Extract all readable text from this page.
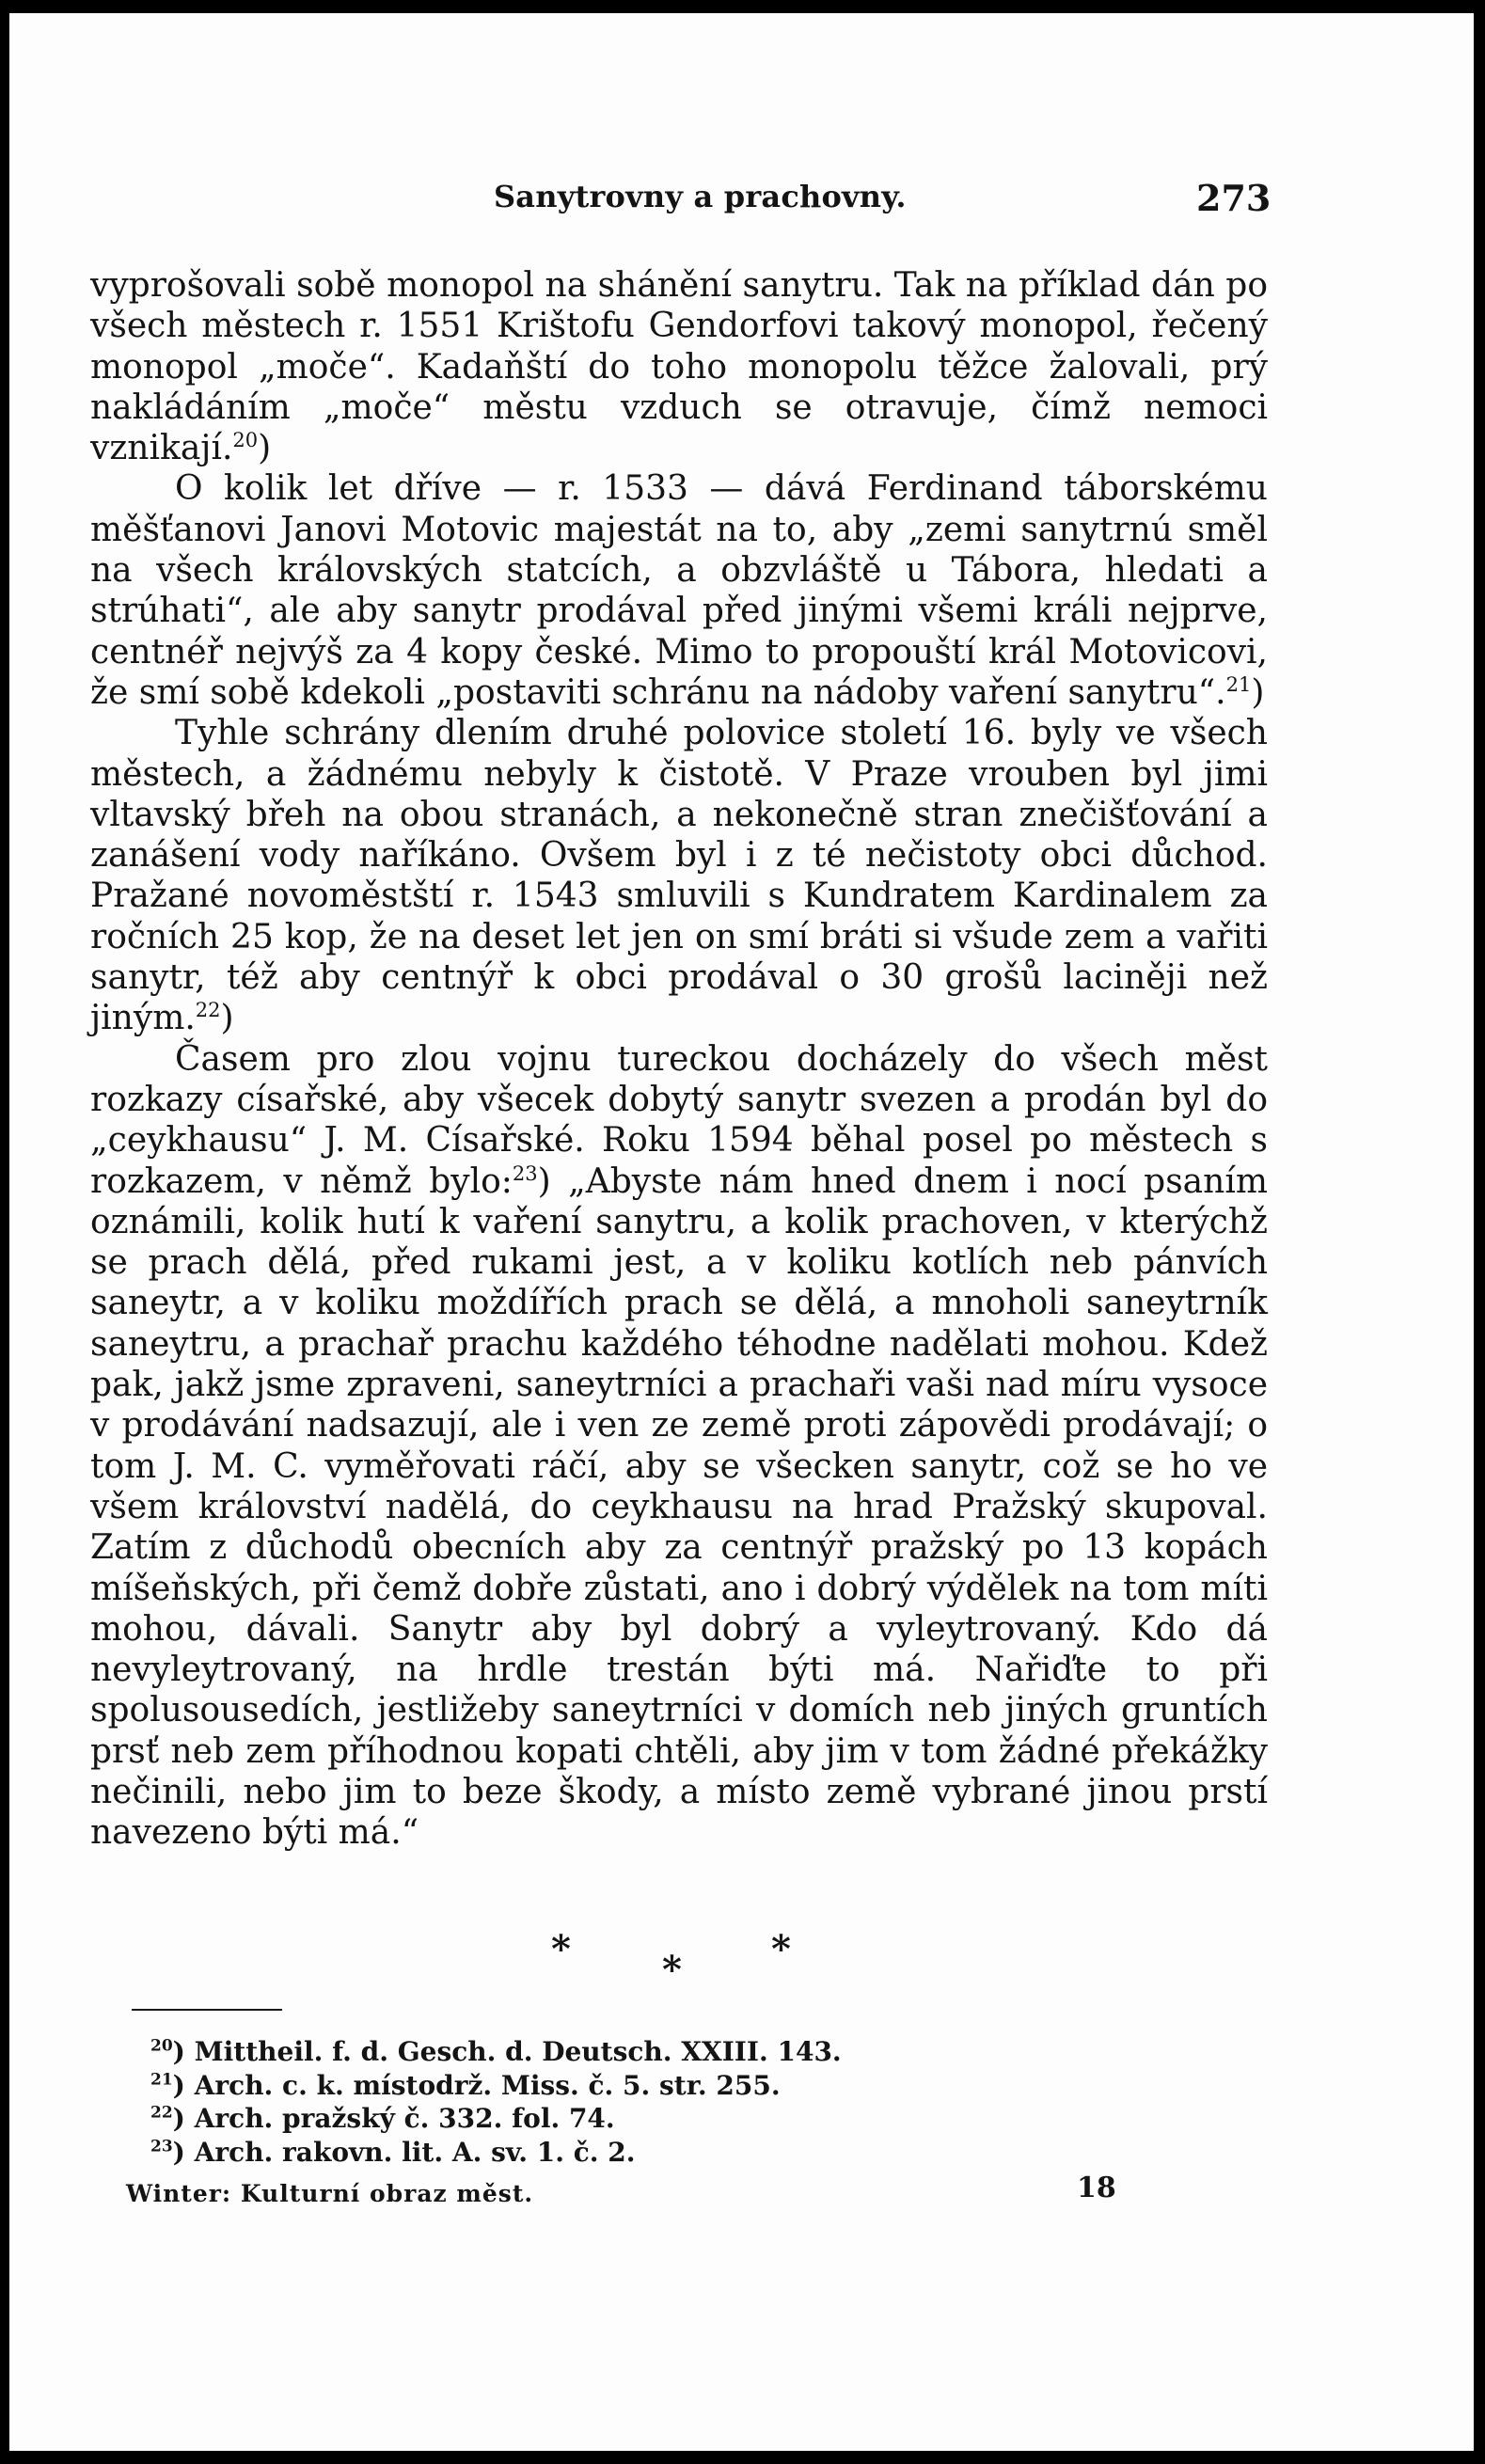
Sanytrovny a prachovny.	273

vyprošovali sobě monopol na shánění sanytru. Tak na příklad dán po všech městech r. 1551 Krištofu Gendorfovi takový monopol, řečený monopol „moče“. Kadaňští do toho monopolu těžce žalovali, prý nakládáním „moče“ městu vzduch se otravuje, čímž nemoci vznikají.$^{20}$)

O kolik let dříve — r. 1533 — dává Ferdinand táborskému měšťanovi Janovi Motovic majestát na to, aby „zemi sanytrnú směl na všech královských statcích, a obzvláště u Tábora, hledati a strúhati“, ale aby sanytr prodával před jinými všemi králi nejprve, centnéř nejvýš za 4 kopy české. Mimo to propouští král Motovicovi, že smí sobě kdekoli „postaviti schránu na nádoby vaření sanytru“.$^{21}$)

Tyhle schrány dlením druhé polovice století 16. byly ve všech městech, a žádnému nebyly k čistotě. V Praze vrouben byl jimi vltavský břeh na obou stranách, a nekonečně stran znečišťování a zanášení vody naříkáno. Ovšem byl i z té nečistoty obci důchod. Pražané novoměstští r. 1543 smluvili s Kundratem Kardinalem za ročních 25 kop, že na deset let jen on smí bráti si všude zem a vařiti sanytr, též aby centnýř k obci prodával o 30 grošů laciněji než jiným.$^{22}$)

Časem pro zlou vojnu tureckou docházely do všech měst rozkazy císařské, aby všecek dobytý sanytr svezen a prodán byl do „ceykhausu“ J. M. Císařské. Roku 1594 běhal posel po městech s rozkazem, v němž bylo:$^{23}$) „Abyste nám hned dnem i nocí psaním oznámili, kolik hutí k vaření sanytru, a kolik prachoven, v kterýchž se prach dělá, před rukami jest, a v koliku kotlích neb pánvích saneytr, a v koliku moždířích prach se dělá, a mnoholi saneytrník saneytru, a prachař prachu každého téhodne nadělati mohou. Kdež pak, jakž jsme zpraveni, saneytrníci a prachaři vaši nad míru vysoce v prodávání nadsazují, ale i ven ze země proti zápovědi prodávají; o tom J. M. C. vyměřovati ráčí, aby se všecken sanytr, což se ho ve všem království nadělá, do ceykhausu na hrad Pražský skupoval. Zatím z důchodů obecních aby za centnýř pražský po 13 kopách míšeňských, při čemž dobře zůstati, ano i dobrý výdělek na tom míti mohou, dávali. Sanytr aby byl dobrý a vyleytrovaný. Kdo dá nevyleytrovaný, na hrdle trestán býti má. Nařiďte to při spolusousedích, jestližeby saneytrníci v domích neb jiných gruntích prsť neb zem příhodnou kopati chtěli, aby jim v tom žádné překážky nečinili, nebo jim to beze škody, a místo země vybrané jinou prstí navezeno býti má.“

* * *
$^{20}$) Mittheil. f. d. Gesch. d. Deutsch. XXIII. 143.
$^{21}$) Arch. c. k. místodrž. Miss. č. 5. str. 255.
$^{22}$) Arch. pražský č. 332. fol. 74.
$^{23}$) Arch. rakovn. lit. A. sv. 1. č. 2.
Winter: Kulturní obraz měst.	18
